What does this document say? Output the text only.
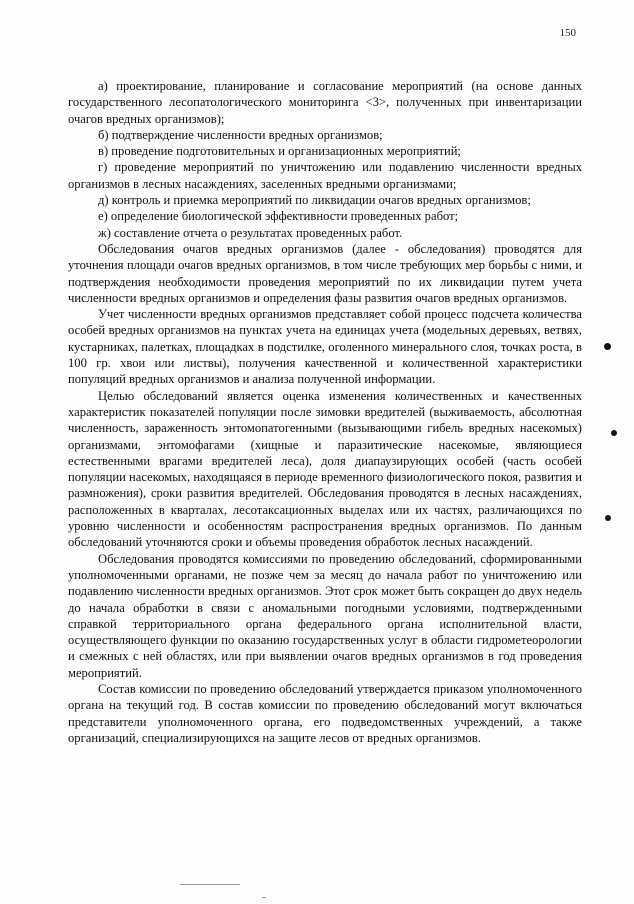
150

а) проектирование, планирование и согласование мероприятий (на основе данных государственного лесопатологического мониторинга <3>, полученных при инвентаризации очагов вредных организмов);

б) подтверждение численности вредных организмов;

в) проведение подготовительных и организационных мероприятий;

г) проведение мероприятий по уничтожению или подавлению численности вредных организмов в лесных насаждениях, заселенных вредными организмами;

д) контроль и приемка мероприятий по ликвидации очагов вредных организмов;

е) определение биологической эффективности проведенных работ;

ж) составление отчета о результатах проведенных работ.

Обследования очагов вредных организмов (далее - обследования) проводятся для уточнения площади очагов вредных организмов, в том числе требующих мер борьбы с ними, и подтверждения необходимости проведения мероприятий по их ликвидации путем учета численности вредных организмов и определения фазы развития очагов вредных организмов.

Учет численности вредных организмов представляет собой процесс подсчета количества особей вредных организмов на пунктах учета на единицах учета (модельных деревьях, ветвях, кустарниках, палетках, площадках в подстилке, оголенного минерального слоя, точках роста, в 100 гр. хвои или листвы), получения качественной и количественной характеристики популяций вредных организмов и анализа полученной информации.

Целью обследований является оценка изменения количественных и качественных характеристик показателей популяции после зимовки вредителей (выживаемость, абсолютная численность, зараженность энтомопатогенными (вызывающими гибель вредных насекомых) организмами, энтомофагами (хищные и паразитические насекомые, являющиеся естественными врагами вредителей леса), доля диапаузирующих особей (часть особей популяции насекомых, находящаяся в периоде временного физиологического покоя, развития и размножения), сроки развития вредителей. Обследования проводятся в лесных насаждениях, расположенных в кварталах, лесотаксационных выделах или их частях, различающихся по уровню численности и особенностям распространения вредных организмов. По данным обследований уточняются сроки и объемы проведения обработок лесных насаждений.

Обследования проводятся комиссиями по проведению обследований, сформированными уполномоченными органами, не позже чем за месяц до начала работ по уничтожению или подавлению численности вредных организмов. Этот срок может быть сокращен до двух недель до начала обработки в связи с аномальными погодными условиями, подтвержденными справкой территориального органа федерального органа исполнительной власти, осуществляющего функции по оказанию государственных услуг в области гидрометеорологии и смежных с ней областях, или при выявлении очагов вредных организмов в год проведения мероприятий.

Состав комиссии по проведению обследований утверждается приказом уполномоченного органа на текущий год. В состав комиссии по проведению обследований могут включаться представители уполномоченного органа, его подведомственных учреждений, а также организаций, специализирующихся на защите лесов от вредных организмов.
